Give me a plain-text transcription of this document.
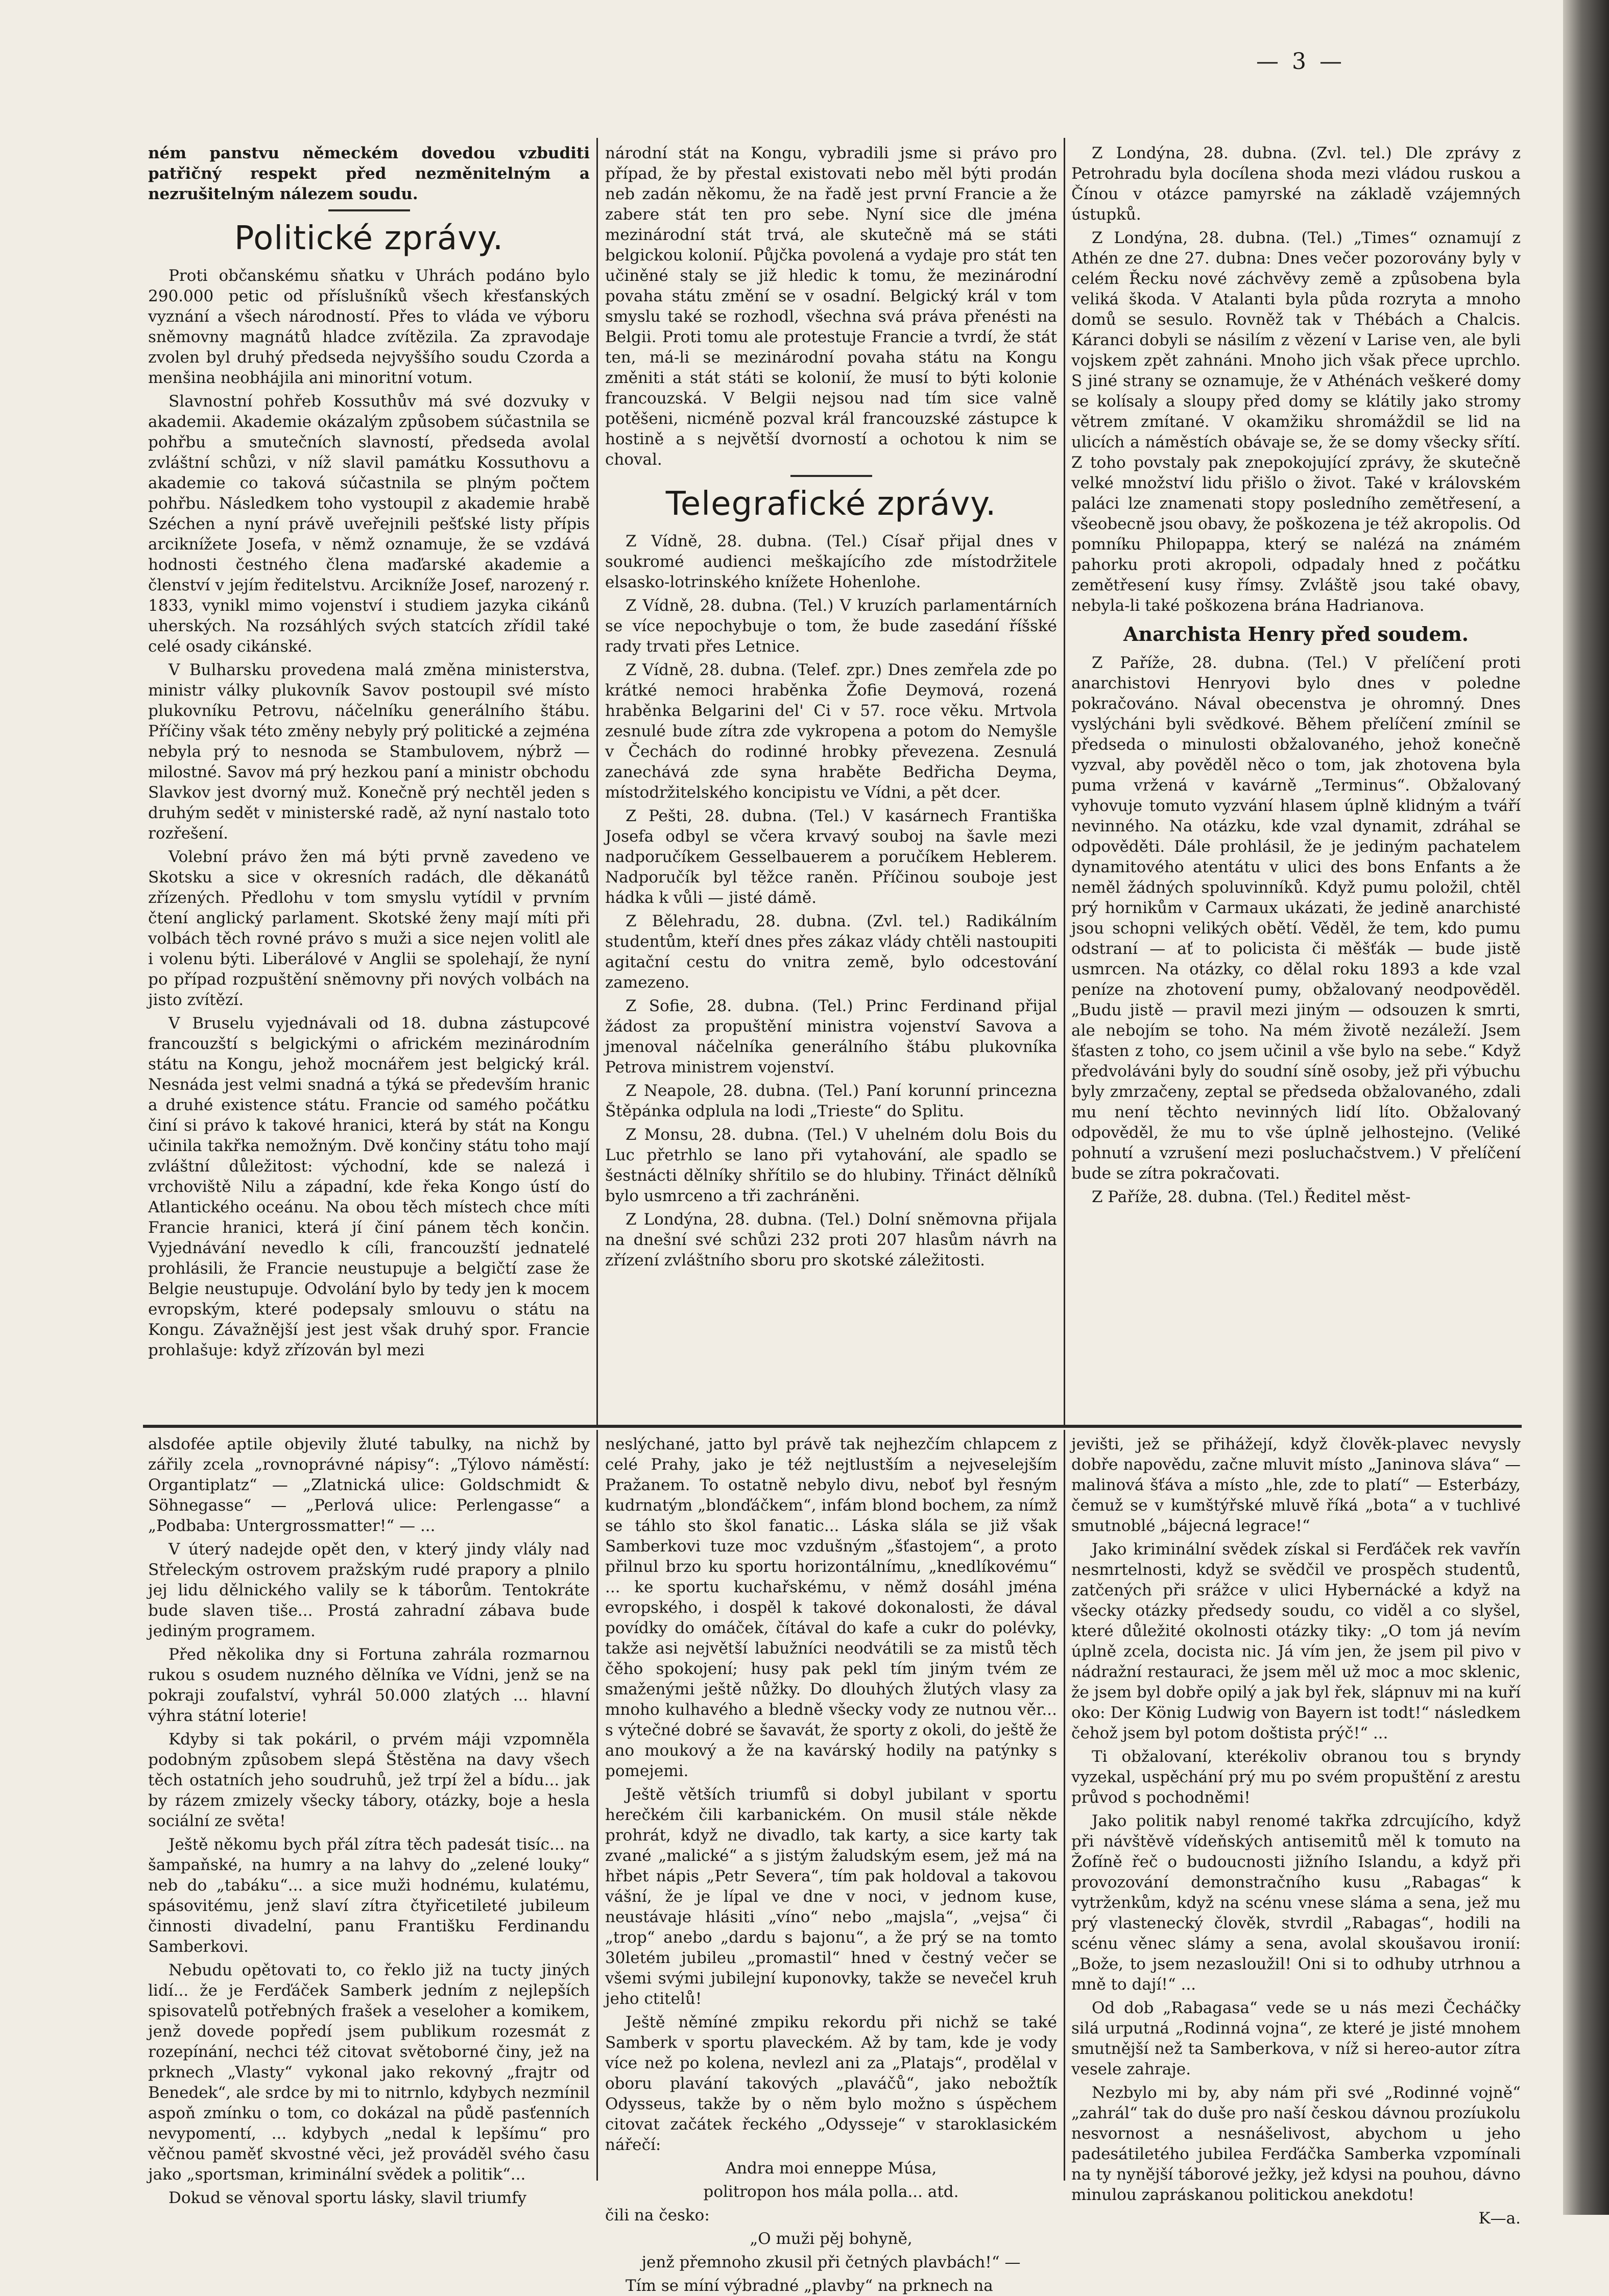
— 3 —

ném panstvu německém dovedou vzbuditi patřičný respekt před nezměnitelným a nezrušitelným nálezem soudu.

Politické zprávy.

Proti občanskému sňatku v Uhrách podáno bylo 290.000 petic od příslušníků všech křesťanských vyznání a všech národností. Přes to vláda ve výboru sněmovny magnátů hladce zvítězila. Za zpravodaje zvolen byl druhý předseda nejvyššího soudu Czorda a menšina neobhájila ani minoritní votum.

Slavnostní pohřeb Kossuthův má své dozvuky v akademii. Akademie okázalým způsobem súčastnila se pohřbu a smutečních slavností, předseda avolal zvláštní schůzi, v níž slavil památku Kossuthovu a akademie co taková súčastnila se plným počtem pohřbu. Následkem toho vystoupil z akademie hrabě Széchen a nyní právě uveřejnili pešťské listy přípis arciknížete Josefa, v němž oznamuje, že se vzdává hodnosti čestného člena maďarské akademie a členství v jejím ředitelstvu. Arcikníže Josef, narozený r. 1833, vynikl mimo vojenství i studiem jazyka cikánů uherských. Na rozsáhlých svých statcích zřídil také celé osady cikánské.

V Bulharsku provedena malá změna ministerstva, ministr války plukovník Savov postoupil své místo plukovníku Petrovu, náčelníku generálního štábu. Příčiny však této změny nebyly prý politické a zejména nebyla prý to nesnoda se Stambulovem, nýbrž — milostné. Savov má prý hezkou paní a ministr obchodu Slavkov jest dvorný muž. Konečně prý nechtěl jeden s druhým sedět v ministerské radě, až nyní nastalo toto rozřešení.

Volební právo žen má býti prvně zavedeno ve Skotsku a sice v okresních radách, dle děkanátů zřízených. Předlohu v tom smyslu vytídil v prvním čtení anglický parlament. Skotské ženy mají míti při volbách těch rovné právo s muži a sice nejen volitl ale i volenu býti. Liberálové v Anglii se spolehají, že nyní po případ rozpuštění sněmovny při nových volbách na jisto zvítězí.

V Bruselu vyjednávali od 18. dubna zástupcové francouzští s belgickými o africkém mezinárodním státu na Kongu, jehož mocnářem jest belgický král. Nesnáda jest velmi snadná a týká se především hranic a druhé existence státu. Francie od samého počátku činí si právo k takové hranici, která by stát na Kongu učinila takřka nemožným. Dvě končiny státu toho mají zvláštní důležitost: východní, kde se nalezá i vrchoviště Nilu a západní, kde řeka Kongo ústí do Atlantického oceánu. Na obou těch místech chce míti Francie hranici, která jí činí pánem těch končin. Vyjednávání nevedlo k cíli, francouzští jednatelé prohlásili, že Francie neustupuje a belgičtí zase že Belgie neustupuje. Odvolání bylo by tedy jen k mocem evropským, které podepsaly smlouvu o státu na Kongu. Závažnější jest jest však druhý spor. Francie prohlašuje: když zřízován byl mezi

národní stát na Kongu, vybradili jsme si právo pro případ, že by přestal existovati nebo měl býti prodán neb zadán někomu, že na řadě jest první Francie a že zabere stát ten pro sebe. Nyní sice dle jména mezinárodní stát trvá, ale skutečně má se státi belgickou kolonií. Půjčka povolená a vydaje pro stát ten učiněné staly se již hledic k tomu, že mezinárodní povaha státu změní se v osadní. Belgický král v tom smyslu také se rozhodl, všechna svá práva přenésti na Belgii. Proti tomu ale protestuje Francie a tvrdí, že stát ten, má-li se mezinárodní povaha státu na Kongu změniti a stát státi se kolonií, že musí to býti kolonie francouzská. V Belgii nejsou nad tím sice valně potěšeni, nicméně pozval král francouzské zástupce k hostině a s největší dvorností a ochotou k nim se choval.

Telegrafické zprávy.

Z Vídně, 28. dubna. (Tel.) Císař přijal dnes v soukromé audienci meškajícího zde místodržitele elsasko-lotrinského knížete Hohenlohe.

Z Vídně, 28. dubna. (Tel.) V kruzích parlamentárních se více nepochybuje o tom, že bude zasedání říšské rady trvati přes Letnice.

Z Vídně, 28. dubna. (Telef. zpr.) Dnes zemřela zde po krátké nemoci hraběnka Žofie Deymová, rozená hraběnka Belgarini del' Ci v 57. roce věku. Mrtvola zesnulé bude zítra zde vykropena a potom do Nemyšle v Čechách do rodinné hrobky převezena. Zesnulá zanechává zde syna hraběte Bedřicha Deyma, místodržitelského koncipistu ve Vídni, a pět dcer.

Z Pešti, 28. dubna. (Tel.) V kasárnech Františka Josefa odbyl se včera krvavý souboj na šavle mezi nadporučíkem Gesselbauerem a poručíkem Heblerem. Nadporučík byl těžce raněn. Příčinou souboje jest hádka k vůli — jisté dámě.

Z Bělehradu, 28. dubna. (Zvl. tel.) Radikálním studentům, kteří dnes přes zákaz vlády chtěli nastoupiti agitační cestu do vnitra země, bylo odcestování zamezeno.

Z Sofie, 28. dubna. (Tel.) Princ Ferdinand přijal žádost za propuštění ministra vojenství Savova a jmenoval náčelníka generálního štábu plukovníka Petrova ministrem vojenství.

Z Neapole, 28. dubna. (Tel.) Paní korunní princezna Štěpánka odplula na lodi „Trieste“ do Splitu.

Z Monsu, 28. dubna. (Tel.) V uhelném dolu Bois du Luc přetrhlo se lano při vytahování, ale spadlo se šestnácti dělníky shřítilo se do hlubiny. Třináct dělníků bylo usmrceno a tři zachráněni.

Z Londýna, 28. dubna. (Tel.) Dolní sněmovna přijala na dnešní své schůzi 232 proti 207 hlasům návrh na zřízení zvláštního sboru pro skotské záležitosti.

Z Londýna, 28. dubna. (Zvl. tel.) Dle zprávy z Petrohradu byla docílena shoda mezi vládou ruskou a Čínou v otázce pamyrské na základě vzájemných ústupků.

Z Londýna, 28. dubna. (Tel.) „Times“ oznamují z Athén ze dne 27. dubna: Dnes večer pozorovány byly v celém Řecku nové záchvěvy země a způsobena byla veliká škoda. V Atalanti byla půda rozryta a mnoho domů se sesulo. Rovněž tak v Thébách a Chalcis. Káranci dobyli se násilím z vězení v Larise ven, ale byli vojskem zpět zahnáni. Mnoho jich však přece uprchlo. S jiné strany se oznamuje, že v Athénách veškeré domy se kolísaly a sloupy před domy se klátily jako stromy větrem zmítané. V okamžiku shromáždil se lid na ulicích a náměstích obávaje se, že se domy všecky sřítí. Z toho povstaly pak znepokojující zprávy, že skutečně velké množství lidu přišlo o život. Také v královském paláci lze znamenati stopy posledního zemětřesení, a všeobecně jsou obavy, že poškozena je též akropolis. Od pomníku Philopappa, který se nalézá na známém pahorku proti akropoli, odpadaly hned z počátku zemětřesení kusy římsy. Zvláště jsou také obavy, nebyla-li také poškozena brána Hadrianova.

Anarchista Henry před soudem.

Z Paříže, 28. dubna. (Tel.) V přelíčení proti anarchistovi Henryovi bylo dnes v poledne pokračováno. Nával obecenstva je ohromný. Dnes vyslýcháni byli svědkové. Během přelíčení zmínil se předseda o minulosti obžalovaného, jehož konečně vyzval, aby pověděl něco o tom, jak zhotovena byla puma vržená v kavárně „Terminus“. Obžalovaný vyhovuje tomuto vyzvání hlasem úplně klidným a tváří nevinného. Na otázku, kde vzal dynamit, zdráhal se odpověděti. Dále prohlásil, že je jediným pachatelem dynamitového atentátu v ulici des bons Enfants a že neměl žádných spoluvinníků. Když pumu položil, chtěl prý hornikům v Carmaux ukázati, že jedině anarchisté jsou schopni velikých obětí. Věděl, že tem, kdo pumu odstraní — ať to policista či měšťák — bude jistě usmrcen. Na otázky, co dělal roku 1893 a kde vzal peníze na zhotovení pumy, obžalovaný neodpověděl. „Budu jistě — pravil mezi jiným — odsouzen k smrti, ale nebojím se toho. Na mém životě nezáleží. Jsem šťasten z toho, co jsem učinil a vše bylo na sebe.“ Když předvoláváni byly do soudní síně osoby, jež při výbuchu byly zmrzačeny, zeptal se předseda obžalovaného, zdali mu není těchto nevinných lidí líto. Obžalovaný odpověděl, že mu to vše úplně jelhostejno. (Veliké pohnutí a vzrušení mezi posluchačstvem.) V přelíčení bude se zítra pokračovati.

Z Paříže, 28. dubna. (Tel.) Ředitel měst-

alsdofée aptile objevily žluté tabulky, na nichž by zářily zcela „rovnoprávné nápisy“: „Týlovo náměstí: Organtiplatz“ — „Zlatnická ulice: Goldschmidt & Söhnegasse“ — „Perlová ulice: Perlengasse“ a „Podbaba: Untergrossmatter!“ — ...

V úterý nadejde opět den, v který jindy vlály nad Střeleckým ostrovem pražským rudé prapory a plnilo jej lidu dělnického valily se k táborům. Tentokráte bude slaven tiše... Prostá zahradní zábava bude jediným programem.

Před několika dny si Fortuna zahrála rozmarnou rukou s osudem nuzného dělníka ve Vídni, jenž se na pokraji zoufalství, vyhrál 50.000 zlatých ... hlavní výhra státní loterie!

Kdyby si tak pokáril, o prvém máji vzpomněla podobným způsobem slepá Štěstěna na davy všech těch ostatních jeho soudruhů, jež trpí žel a bídu... jak by rázem zmizely všecky tábory, otázky, boje a hesla sociální ze světa!

Ještě někomu bych přál zítra těch padesát tisíc... na šampaňské, na humry a na lahvy do „zelené louky“ neb do „tabáku“... a sice muži hodnému, kulatému, spásovitému, jenž slaví zítra čtyřicetileté jubileum činnosti divadelní, panu Františku Ferdinandu Samberkovi.

Nebudu opětovati to, co řeklo již na tucty jiných lidí... že je Ferďáček Samberk jedním z nejlepších spisovatelů potřebných frašek a veseloher a komikem, jenž dovede popředí jsem publikum rozesmát z rozepínání, nechci též citovat světoborné činy, jež na prknech „Vlasty“ vykonal jako rekovný „frajtr od Benedek“, ale srdce by mi to nitrnlo, kdybych nezmínil aspoň zmínku o tom, co dokázal na půdě pasťenních nevypomentí, ... kdybych „nedal k lepšímu“ pro věčnou paměť skvostné věci, jež prováděl svého času jako „sportsman, kriminální svědek a politik“...

Dokud se věnoval sportu lásky, slavil triumfy

neslýchané, jatto byl právě tak nejhezčím chlapcem z celé Prahy, jako je též nejtlustším a nejveselejším Pražanem. To ostatně nebylo divu, neboť byl řesným kudrnatým „blonďáčkem“, infám blond bochem, za nímž se táhlo sto škol fanatic... Láska slála se již však Samberkovi tuze moc vzdušným „šťastojem“, a proto přilnul brzo ku sportu horizontálnímu, „knedlíkovému“ ... ke sportu kuchařskému, v němž dosáhl jména evropského, i dospěl k takové dokonalosti, že dával povídky do omáček, čítával do kafe a cukr do polévky, takže asi největší labužníci neodvátili se za mistů těch čěho spokojení; husy pak pekl tím jiným tvém ze smaženými ještě nůžky. Do dlouhých žlutých vlasy za mnoho kulhavého a bledně všecky vody ze nutnou věr... s výtečné dobré se šavavát, že sporty z okoli, do ještě že ano moukový a že na kavárský hodily na patýnky s pomejemi.

Ještě větších triumfů si dobyl jubilant v sportu herečkém čili karbanickém. On musil stále někde prohrát, když ne divadlo, tak karty, a sice karty tak zvané „malické“ a s jistým žaludským esem, jež má na hřbet nápis „Petr Severa“, tím pak holdoval a takovou vášní, že je lípal ve dne v noci, v jednom kuse, neustávaje hlásiti „víno“ nebo „majsla“, „vejsa“ či „trop“ anebo „dardu s bajonu“, a že prý se na tomto 30letém jubileu „promastil“ hned v čestný večer se všemi svými jubilejní kuponovky, takže se nevečel kruh jeho ctitelů!

Ještě němíné zmpiku rekordu při nichž se také Samberk v sportu plaveckém. Až by tam, kde je vody více než po kolena, nevlezl ani za „Platajs“, prodělal v oboru plavání takových „plaváčů“, jako nebožtík Odysseus, takže by o něm bylo možno s úspěchem citovat začátek řeckého „Odysseje“ v staroklasickém nářečí:

Andra moi enneppe Músa,

politropon hos mála polla... atd.

čili na česko:

„O muži pěj bohyně,

jenž přemnoho zkusil při četných plavbách!“ —

Tím se míní výbradné „plavby“ na prknech na

jevišti, jež se přihážejí, když člověk-plavec nevysly dobře napovědu, začne mluvit místo „Janinova sláva“ — malinová šťáva a místo „hle, zde to platí“ — Esterbázy, čemuž se v kumštýřské mluvě říká „bota“ a v tuchlivé smutnoblé „bájecná legrace!“

Jako kriminální svědek získal si Ferďáček rek vavřín nesmrtelnosti, když se svědčil ve prospěch studentů, zatčených při srážce v ulici Hybernácké a když na všecky otázky předsedy soudu, co viděl a co slyšel, které důležité okolnosti otázky tiky: „O tom já nevím úplně zcela, docista nic. Já vím jen, že jsem pil pivo v nádražní restauraci, že jsem měl už moc a moc sklenic, že jsem byl dobře opilý a jak byl řek, slápnuv mi na kuří oko: Der König Ludwig von Bayern ist todt!“ následkem čehož jsem byl potom doštista prýč!“ ...

Ti obžalovaní, kterékoliv obranou tou s bryndy vyzekal, uspěchání prý mu po svém propuštění z arestu průvod s pochodněmi!

Jako politik nabyl renomé takřka zdrcujícího, když při návštěvě vídeňských antisemitů měl k tomuto na Žofíně řeč o budoucnosti jižního Islandu, a když při provozování demonstračního kusu „Rabagas“ k vytrženkům, když na scénu vnese sláma a sena, jež mu prý vlastenecký člověk, stvrdil „Rabagas“, hodili na scénu věnec slámy a sena, avolal skoušavou ironií: „Bože, to jsem nezasloužil! Oni si to odhuby utrhnou a mně to dají!“ ...

Od dob „Rabagasa“ vede se u nás mezi Čecháčky silá urputná „Rodinná vojna“, ze které je jisté mnohem smutnější než ta Samberkova, v níž si hereo-autor zítra vesele zahraje.

Nezbylo mi by, aby nám při své „Rodinné vojně“ „zahrál“ tak do duše pro naší českou dávnou prozíukolu nesvornost a nesnášelivost, abychom u jeho padesátiletého jubilea Ferďáčka Samberka vzpomínali na ty nynější táborové ježky, jež kdysi na pouhou, dávno minulou zapráskanou politickou anekdotu!

K—a.
